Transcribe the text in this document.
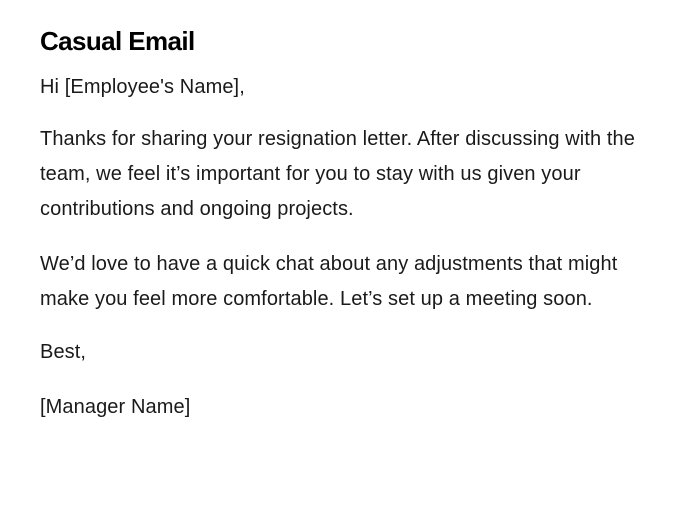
Casual Email

Hi [Employee's Name],

Thanks for sharing your resignation letter. After discussing with the team, we feel it’s important for you to stay with us given your contributions and ongoing projects.

We’d love to have a quick chat about any adjustments that might make you feel more comfortable. Let’s set up a meeting soon.

Best,

[Manager Name]
